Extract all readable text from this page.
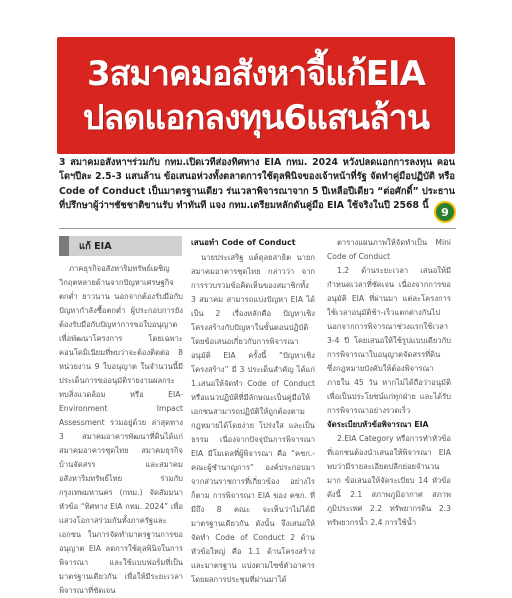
3สมาคมอสังหาจี้แก้EIA
ปลดแอกลงทุน6แสนล้าน
3 สมาคมอสังหาฯร่วมกับ กทม.เปิดเวทีส่องทิศทาง EIA กทม. 2024 หวังปลดแอกการลงทุน คอนโดฯปีละ 2.5-3 แสนล้าน ข้อเสนอห่วงทั้งตลาดการใช้ดุลพินิจของเจ้าหน้าที่รัฐ จัดทำคู่มือปฏิบัติ หรือ Code of Conduct เป็นมาตรฐานเดียว ร่นเวลาพิจารณาจาก 5 ปีเหลือปีเดียว “ต่อศักดิ์” ประธานที่ปรึกษาผู้ว่าฯชัชชาติขานรับ ทำทันที แจง กทม.เตรียมหลักดันคู่มือ EIA ใช้จริงในปี 2568 นี้	9
แก้ EIA

ภาคธุรกิจอสังหาริมทรัพย์เผชิญวิกฤตหลายด้านจากปัญหาเศรษฐกิจตกต่ำ ยาวนาน นอกจากต้องรับมือกับปัญหากำลังซื้อตกต่ำ ผู้ประกอบการยังต้องรับมือกับปัญหาการขอใบอนุญาตเพื่อพัฒนาโครงการ โดยเฉพาะคอนโดมิเนียมที่พบว่าจะต้องติดต่อ 8 หน่วยงาน 9 ใบอนุญาต ในจำนวนนี้มีประเด็นการขออนุมัติรายงานผลกระทบสิ่งแวดล้อม หรือ EIA-Environment Impact Assessment รวมอยู่ด้วย ล่าสุดทาง 3 สมาคมอาคารพัฒนาที่ดินได้แก่ สมาคมอาคารชุดไทย สมาคมธุรกิจบ้านจัดสรร และสมาคมอสังหาริมทรัพย์ไทย ร่วมกับกรุงเทพมหานคร (กทม.) จัดสัมมนาหัวข้อ “ทิศทาง EIA กทม. 2024” เพื่อแสวงโอกาสร่วมกันทั้งภาครัฐและเอกชน ในการจัดทำมาตรฐานการขออนุญาต EIA ลดการใช้ดุลพินิจในการพิจารณา และใช้แบบฟอร์มที่เป็นมาตรฐานเดียวกัน เพื่อให้มีระยะเวลาพิจารณาที่ชัดเจน

เสนอทำ Code of Conduct

นายประเสริฐ แต้ดุลยสาธิต นายกสมาคมอาคารชุดไทย กล่าวว่า จากการรวบรวมข้อคิดเห็นของสมาชิกทั้ง 3 สมาคม สามารถแบ่งปัญหา EIA ได้เป็น 2 เรื่องหลักคือ ปัญหาเชิงโครงสร้างกับปัญหาในขั้นตอนปฏิบัติ โดยข้อเสนอเกี่ยวกับการพิจารณาอนุมัติ EIA ครั้งนี้ “ปัญหาเชิงโครงสร้าง” มี 3 ประเด็นสำคัญ ได้แก่ 1.เสนอให้จัดทำ Code of Conduct หรือแนวปฏิบัติที่มีลักษณะเป็นคู่มือให้เอกชนสามารถปฏิบัติให้ถูกต้องตามกฎหมายได้โดยง่าย โปร่งใส และเป็นธรรม เนื่องจากปัจจุบันการพิจารณา EIA มีโมเดลที่ผู้พิจารณา คือ “คชก.-คณะผู้ชำนาญการ” องค์ประกอบมาจากส่วนราชการที่เกี่ยวข้อง อย่างไรก็ตาม การพิจารณา EIA ของ คชก. ที่มีถึง 8 คณะ จะเห็นว่าไม่ได้มีมาตรฐานเดียวกัน ดังนั้น จึงเสนอให้จัดทำ Code of Conduct 2 ด้านหัวข้อใหญ่ คือ 1.1 ด้านโครงสร้างและมาตรฐาน แบ่งตามไซซ์ตัวอาคาร โดยผลการประชุมที่ผ่านมาได้

ตารางแผนภาพให้จัดทำเป็น Mini Code of Conduct

1.2 ด้านระยะเวลา เสนอให้มีกำหนดเวลาที่ชัดเจน เนื่องจากการขออนุมัติ EIA ที่ผ่านมา แต่ละโครงการใช้เวลาอนุมัติช้า-เร็วแตกต่างกันไปนอกจากการพิจารณาช่วงแรกใช้เวลา 3-4 ปี โดยเสนอให้ใช้รูปแบบเดียวกับการพิจารณาใบอนุญาตจัดสรรที่ดิน ซึ่งกฎหมายบังคับให้ต้องพิจารณาภายใน 45 วัน หากไม่ได้ถือว่าอนุมัติ เพื่อเป็นประโยชน์แก่ทุกฝ่าย และได้รับการพิจารณาอย่างรวดเร็ว

จัดระเบียบหัวข้อพิจารณา EIA

2.EIA Category หรือการทำหัวข้อที่เอกชนต้องนำเสนอให้พิจารณา EIA พบว่ามีรายละเอียดปลีกย่อยจำนวนมาก ข้อเสนอให้จัดระเบียบ 14 หัวข้อ ดังนี้ 2.1 สภาพภูมิอากาศ สภาพภูมิประเทศ 2.2 ทรัพยากรดิน 2.3 ทรัพยากรน้ำ 2.4 การใช้น้ำ
